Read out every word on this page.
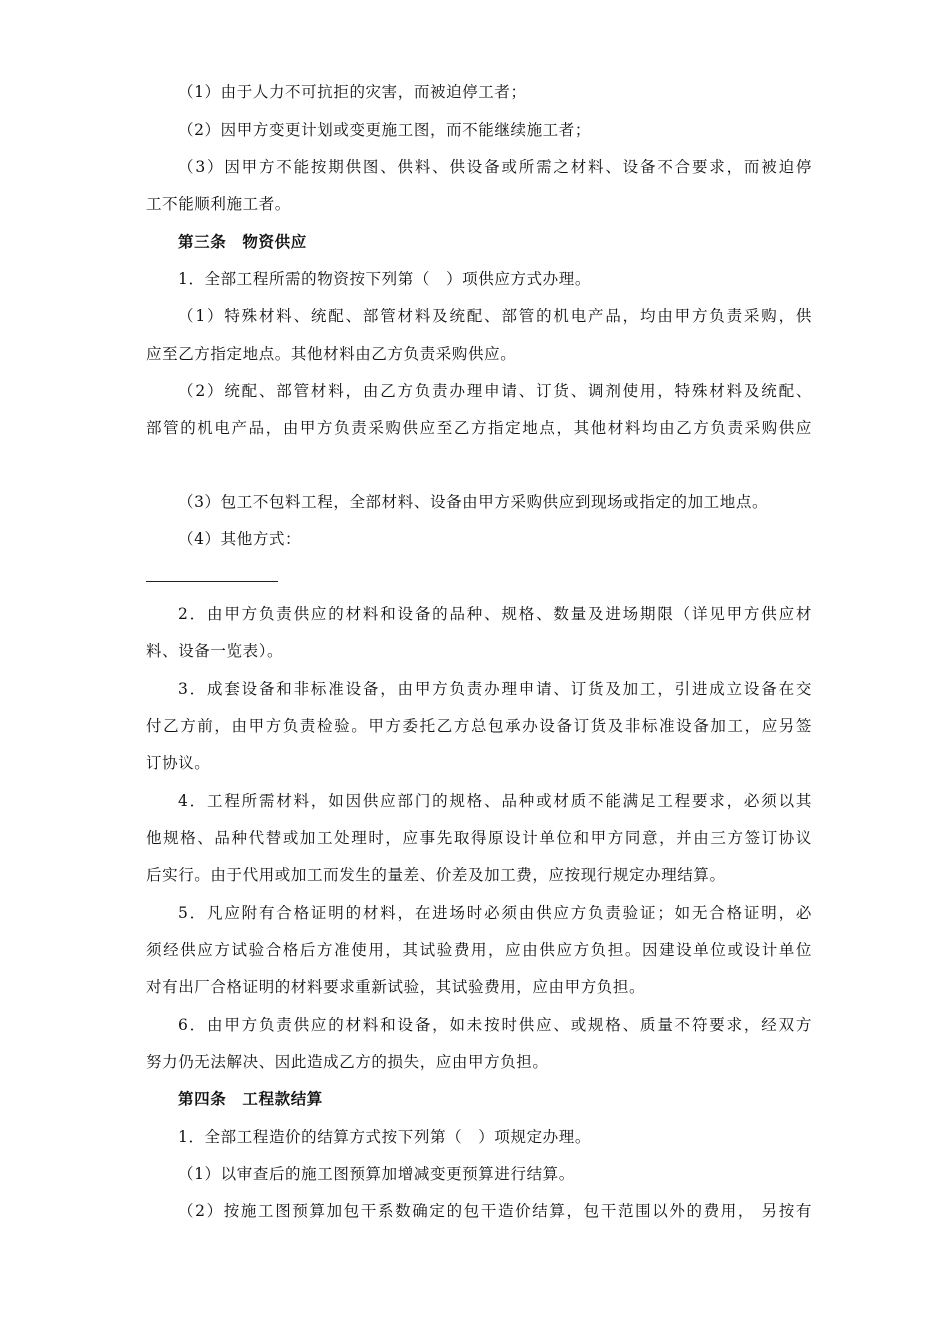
（1）由于人力不可抗拒的灾害，而被迫停工者；
（2）因甲方变更计划或变更施工图，而不能继续施工者；
（3）因甲方不能按期供图、供料、供设备或所需之材料、设备不合要求，而被迫停
工不能顺利施工者。
第三条　物资供应
1．全部工程所需的物资按下列第（　）项供应方式办理。
（1）特殊材料、统配、部管材料及统配、部管的机电产品，均由甲方负责采购，供
应至乙方指定地点。其他材料由乙方负责采购供应。
（2）统配、部管材料，由乙方负责办理申请、订货、调剂使用，特殊材料及统配、
部管的机电产品，由甲方负责采购供应至乙方指定地点，其他材料均由乙方负责采购供应
（3）包工不包料工程，全部材料、设备由甲方采购供应到现场或指定的加工地点。
（4）其他方式：
2．由甲方负责供应的材料和设备的品种、规格、数量及进场期限（详见甲方供应材
料、设备一览表）。
3．成套设备和非标准设备，由甲方负责办理申请、订货及加工，引进成立设备在交
付乙方前，由甲方负责检验。甲方委托乙方总包承办设备订货及非标准设备加工，应另签
订协议。
4．工程所需材料，如因供应部门的规格、品种或材质不能满足工程要求，必须以其
他规格、品种代替或加工处理时，应事先取得原设计单位和甲方同意，并由三方签订协议
后实行。由于代用或加工而发生的量差、价差及加工费，应按现行规定办理结算。
5．凡应附有合格证明的材料，在进场时必须由供应方负责验证；如无合格证明，必
须经供应方试验合格后方准使用，其试验费用，应由供应方负担。因建设单位或设计单位
对有出厂合格证明的材料要求重新试验，其试验费用，应由甲方负担。
6．由甲方负责供应的材料和设备，如未按时供应、或规格、质量不符要求，经双方
努力仍无法解决、因此造成乙方的损失，应由甲方负担。
第四条　工程款结算
1．全部工程造价的结算方式按下列第（　）项规定办理。
（1）以审查后的施工图预算加增减变更预算进行结算。
（2）按施工图预算加包干系数确定的包干造价结算，包干范围以外的费用， 另按有
